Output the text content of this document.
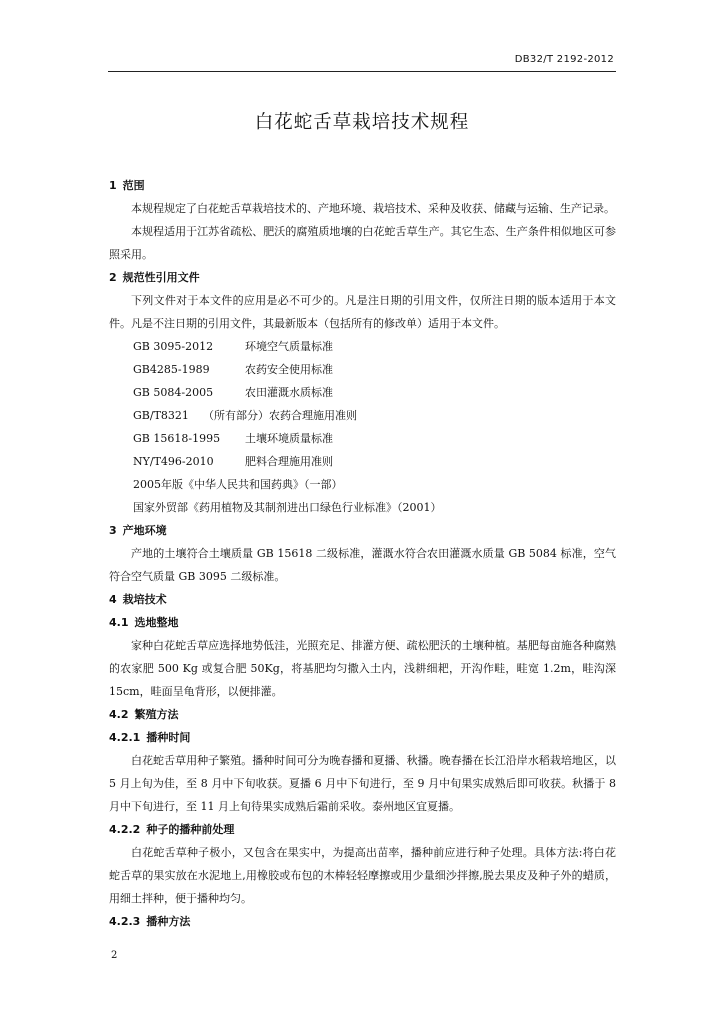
DB32/T 2192-2012
白花蛇舌草栽培技术规程
1 范围

本规程规定了白花蛇舌草栽培技术的、产地环境、栽培技术、采种及收获、储藏与运输、生产记录。

本规程适用于江苏省疏松、肥沃的腐殖质地壤的白花蛇舌草生产。其它生态、生产条件相似地区可参照采用。

2 规范性引用文件

下列文件对于本文件的应用是必不可少的。凡是注日期的引用文件，仅所注日期的版本适用于本文件。凡是不注日期的引用文件，其最新版本（包括所有的修改单）适用于本文件。

GB 3095-2012	环境空气质量标准
GB4285-1989	农药安全使用标准
GB 5084-2005	农田灌溉水质标准
GB/T8321 （所有部分）农药合理施用准则
GB 15618-1995 土壤环境质量标准
NY/T496-2010	肥料合理施用准则
2005年版《中华人民共和国药典》（一部）
国家外贸部《药用植物及其制剂进出口绿色行业标准》（2001）
3 产地环境

产地的土壤符合土壤质量 GB 15618 二级标准，灌溉水符合农田灌溉水质量 GB 5084 标准，空气符合空气质量 GB 3095 二级标准。

4 栽培技术
4.1 选地整地

家种白花蛇舌草应选择地势低洼，光照充足、排灌方便、疏松肥沃的土壤种植。基肥每亩施各种腐熟的农家肥 500 Kg 或复合肥 50Kg，将基肥均匀撒入土内，浅耕细耙，开沟作畦，畦宽 1.2m，畦沟深 15cm，畦面呈龟背形，以便排灌。

4.2 繁殖方法
4.2.1 播种时间

白花蛇舌草用种子繁殖。播种时间可分为晚春播和夏播、秋播。晚春播在长江沿岸水稻栽培地区，以 5 月上旬为佳，至 8 月中下旬收获。夏播 6 月中下旬进行，至 9 月中旬果实成熟后即可收获。秋播于 8 月中下旬进行，至 11 月上旬待果实成熟后霜前采收。泰州地区宜夏播。

4.2.2 种子的播种前处理

白花蛇舌草种子极小，又包含在果实中，为提高出苗率，播种前应进行种子处理。具体方法:将白花蛇舌草的果实放在水泥地上,用橡胶或布包的木棒轻轻摩擦或用少量细沙拌擦,脱去果皮及种子外的蜡质，用细土拌种，便于播种均匀。

4.2.3 播种方法
2
